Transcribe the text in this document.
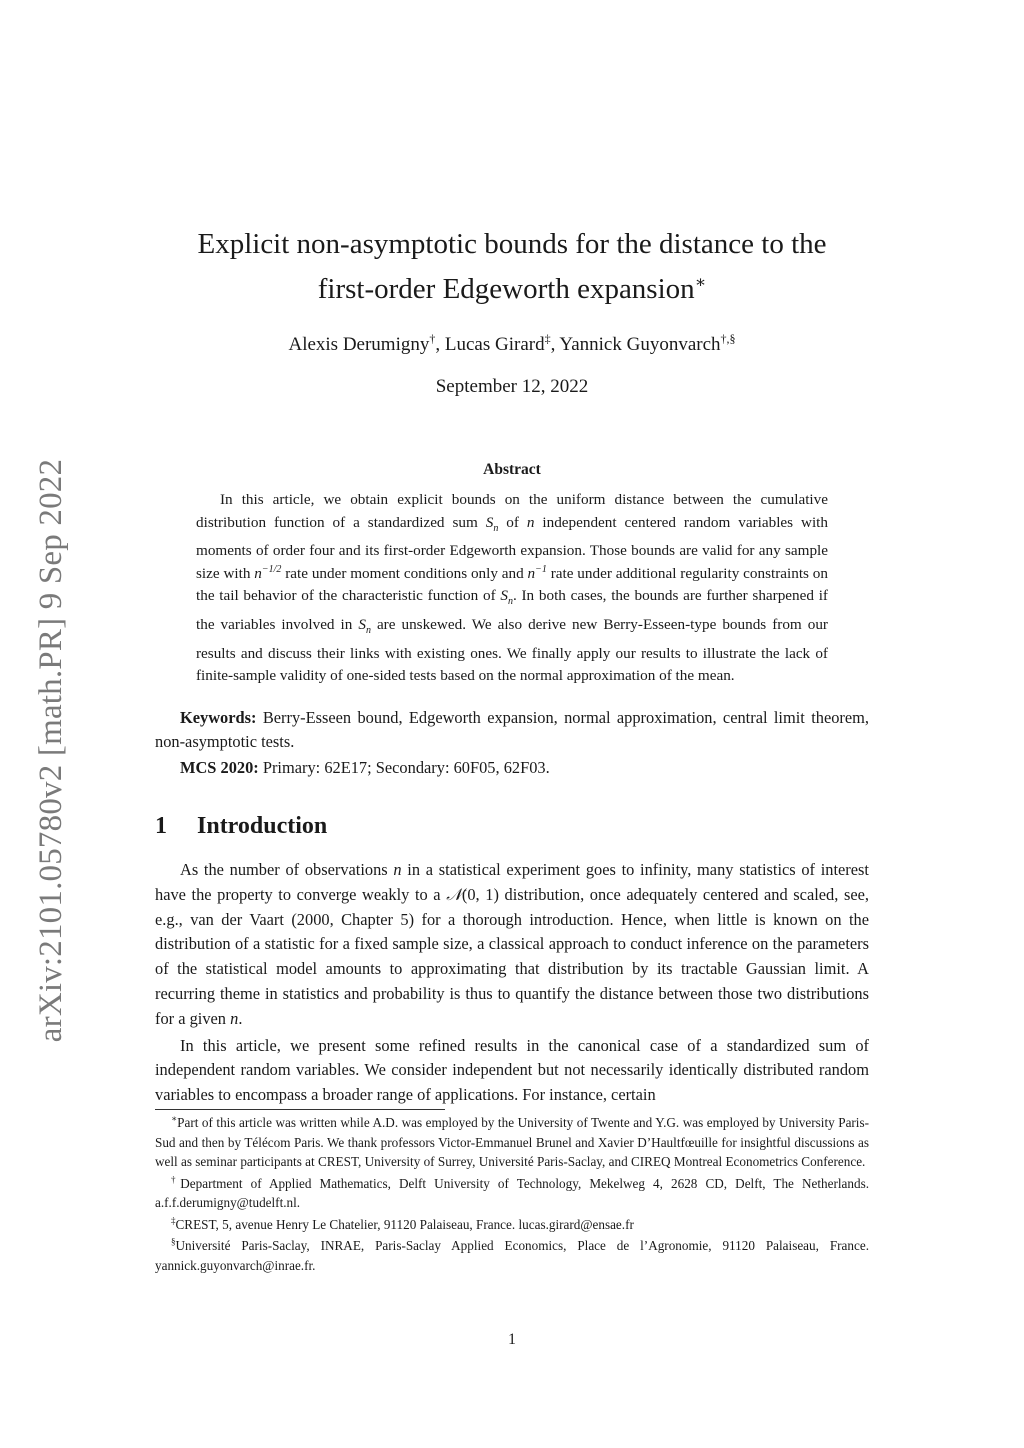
arXiv:2101.05780v2 [math.PR] 9 Sep 2022
Explicit non-asymptotic bounds for the distance to the
first-order Edgeworth expansion∗
Alexis Derumigny†, Lucas Girard‡, Yannick Guyonvarch†,§
September 12, 2022
Abstract
In this article, we obtain explicit bounds on the uniform distance between the cumulative distribution function of a standardized sum $S_n$ of n independent centered random variables with moments of order four and its first-order Edgeworth expansion. Those bounds are valid for any sample size with $n^{-1/2}$ rate under moment conditions only and $n^{-1}$ rate under additional regularity constraints on the tail behavior of the characteristic function of $S_n$. In both cases, the bounds are further sharpened if the variables involved in $S_n$ are unskewed. We also derive new Berry-Esseen-type bounds from our results and discuss their links with existing ones. We finally apply our results to illustrate the lack of finite-sample validity of one-sided tests based on the normal approximation of the mean.
Keywords: Berry-Esseen bound, Edgeworth expansion, normal approximation, central limit theorem, non-asymptotic tests.
MCS 2020: Primary: 62E17; Secondary: 60F05, 62F03.
1 Introduction

As the number of observations n in a statistical experiment goes to infinity, many statistics of interest have the property to converge weakly to a 𝒩(0, 1) distribution, once adequately centered and scaled, see, e.g., van der Vaart (2000, Chapter 5) for a thorough introduction. Hence, when little is known on the distribution of a statistic for a fixed sample size, a classical approach to conduct inference on the parameters of the statistical model amounts to approximating that distribution by its tractable Gaussian limit. A recurring theme in statistics and probability is thus to quantify the distance between those two distributions for a given n.

In this article, we present some refined results in the canonical case of a standardized sum of independent random variables. We consider independent but not necessarily identically distributed random variables to encompass a broader range of applications. For instance, certain

∗Part of this article was written while A.D. was employed by the University of Twente and Y.G. was employed by University Paris-Sud and then by Télécom Paris. We thank professors Victor-Emmanuel Brunel and Xavier D’Haultfœuille for insightful discussions as well as seminar participants at CREST, University of Surrey, Université Paris-Saclay, and CIREQ Montreal Econometrics Conference.

†Department of Applied Mathematics, Delft University of Technology, Mekelweg 4, 2628 CD, Delft, The Netherlands. a.f.f.derumigny@tudelft.nl.

‡CREST, 5, avenue Henry Le Chatelier, 91120 Palaiseau, France. lucas.girard@ensae.fr

§Université Paris-Saclay, INRAE, Paris-Saclay Applied Economics, Place de l’Agronomie, 91120 Palaiseau, France. yannick.guyonvarch@inrae.fr.

1
